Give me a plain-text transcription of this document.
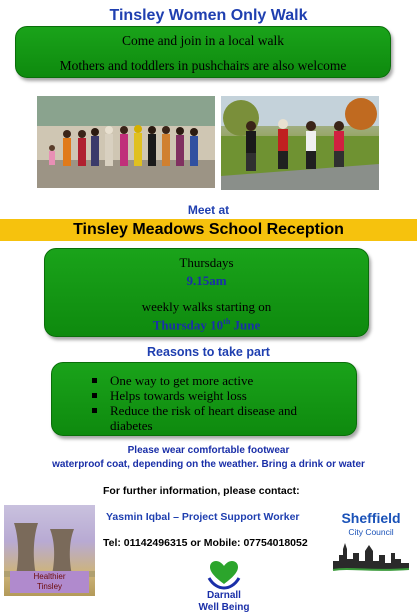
Tinsley Women Only Walk
Come and join in a local walk
Mothers and toddlers in pushchairs are also welcome
Meet at
Tinsley Meadows School Reception
Thursdays
9.15am
weekly walks starting on
Thursday 10th June
Reasons to take part
One way to get more active
Helps towards weight loss
Reduce the risk of heart disease and
diabetes
Please wear comfortable footwear
waterproof coat, depending on the weather. Bring a drink or water
For further information, please contact:
Yasmin Iqbal – Project Support Worker
Tel: 01142496315 or Mobile: 07754018052
Healthier
Tinsley
Darnall
Well Being
Sheffield
City Council
